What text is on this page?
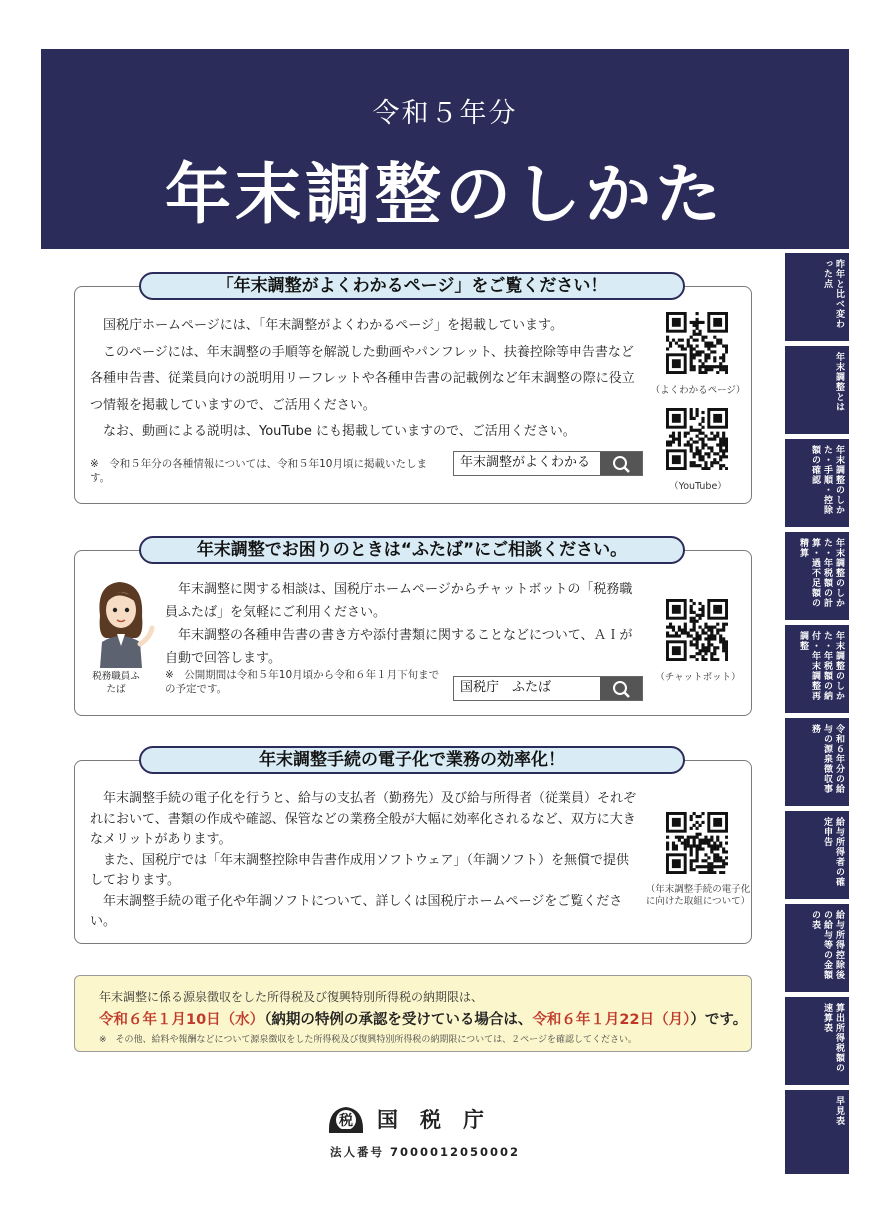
令和５年分
年末調整のしかた
「年末調整がよくわかるページ」をご覧ください！

国税庁ホームページには、「年末調整がよくわかるページ」を掲載しています。

このページには、年末調整の手順等を解説した動画やパンフレット、扶養控除等申告書など各種申告書、従業員向けの説明用リーフレットや各種申告書の記載例など年末調整の際に役立つ情報を掲載していますので、ご活用ください。

なお、動画による説明は、YouTube にも掲載していますので、ご活用ください。

※　令和５年分の各種情報については、令和５年10月頃に掲載いたします。
年末調整がよくわかる
（よくわかるページ）
（YouTube）
年末調整でお困りのときは“ふたば”にご相談ください。
税務職員ふたば

年末調整に関する相談は、国税庁ホームページからチャットボットの「税務職員ふたば」を気軽にご利用ください。

年末調整の各種申告書の書き方や添付書類に関することなどについて、ＡＩが自動で回答します。

※　公開期間は令和５年10月頃から令和６年１月下旬までの予定です。	国税庁　ふたば
（チャットボット）
年末調整手続の電子化で業務の効率化！

年末調整手続の電子化を行うと、給与の支払者（勤務先）及び給与所得者（従業員）それぞれにおいて、書類の作成や確認、保管などの業務全般が大幅に効率化されるなど、双方に大きなメリットがあります。

また、国税庁では「年末調整控除申告書作成用ソフトウェア」（年調ソフト）を無償で提供しております。

年末調整手続の電子化や年調ソフトについて、詳しくは国税庁ホームページをご覧ください。

（年末調整手続の電子化に向けた取組について）
年末調整に係る源泉徴収をした所得税及び復興特別所得税の納期限は、
令和６年１月10日（水）（納期の特例の承認を受けている場合は、令和６年１月22日（月））です。
※　その他、給料や報酬などについて源泉徴収をした所得税及び復興特別所得税の納期限については、２ページを確認してください。
昨年と比べ変わった点
年末調整とは
年末調整のしかた・手順・控除額の確認
年末調整のしかた・年税額の計算・過不足額の精算
年末調整のしかた・年税額の納付・年末調整再調整
令和６年分の給与の源泉徴収事務
給与所得者の確定申告
給与所得控除後の給与等の金額の表
算出所得税額の速算表
早見表
税 国税庁
法人番号 7000012050002
